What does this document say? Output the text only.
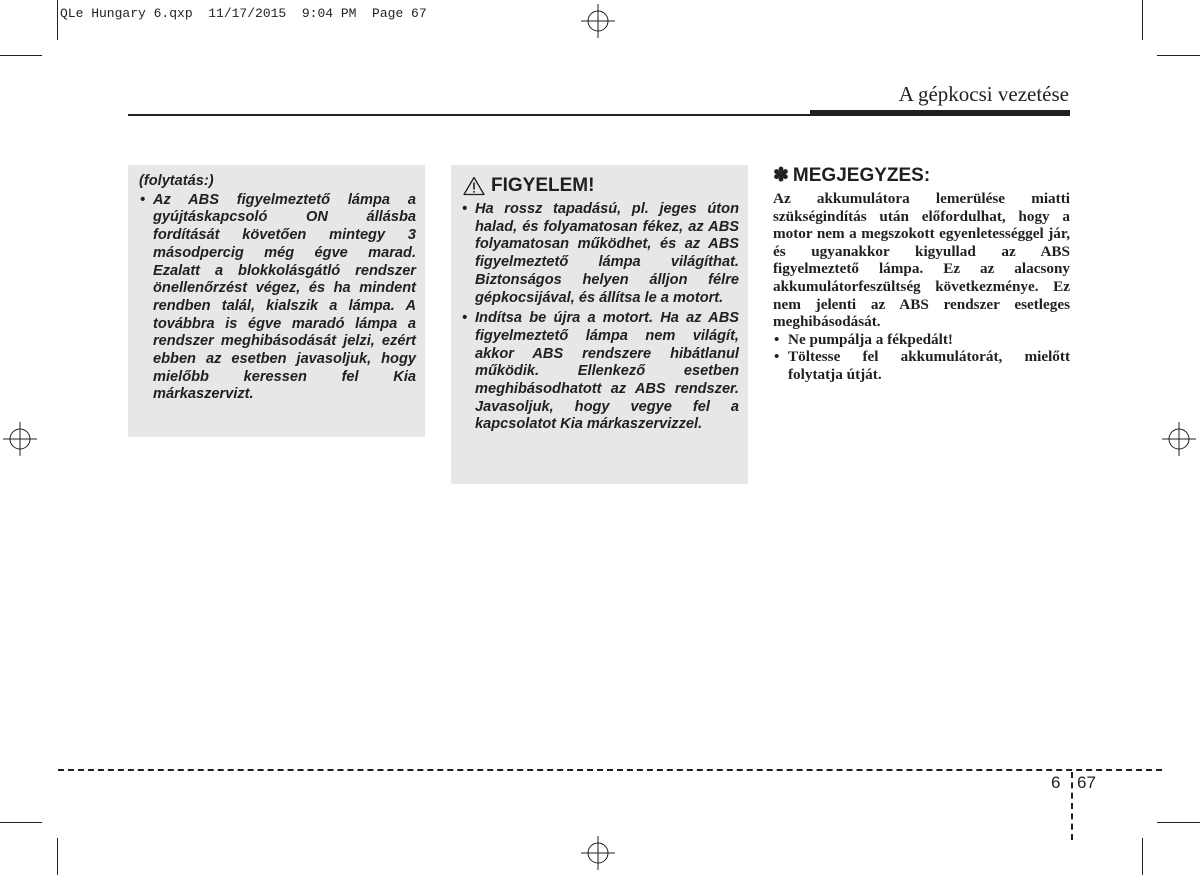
QLe Hungary 6.qxp  11/17/2015  9:04 PM  Page 67
A gépkocsi vezetése
(folytatás:)
• Az ABS figyelmeztető lámpa a gyújtáskapcsoló ON állásba fordítását követően mintegy 3 másodpercig még égve marad. Ezalatt a blokkolásgátló rendszer önellenőrzést végez, és ha mindent rendben talál, kialszik a lámpa. A továbbra is égve maradó lámpa a rendszer meghibásodását jelzi, ezért ebben az esetben javasoljuk, hogy mielőbb keressen fel Kia márkaszervizt.
FIGYELEM!
• Ha rossz tapadású, pl. jeges úton halad, és folyamatosan fékez, az ABS folyamatosan működhet, és az ABS figyelmeztető lámpa világíthat. Biztonságos helyen álljon félre gépkocsijával, és állítsa le a motort.
• Indítsa be újra a motort. Ha az ABS figyelmeztető lámpa nem világít, akkor ABS rendszere hibátlanul működik. Ellenkező esetben meghibásodhatott az ABS rendszer. Javasoljuk, hogy vegye fel a kapcsolatot Kia márkaszervizzel.
✽ MEGJEGYZES:

Az akkumulátora lemerülése miatti szükségindítás után előfordulhat, hogy a motor nem a megszokott egyenletességgel jár, és ugyanakkor kigyullad az ABS figyelmeztető lámpa. Ez az alacsony akkumulátorfeszültség következménye. Ez nem jelenti az ABS rendszer esetleges meghibásodását.

• Ne pumpálja a fékpedált!
• Töltesse fel akkumulátorát, mielőtt folytatja útját.
6 67
